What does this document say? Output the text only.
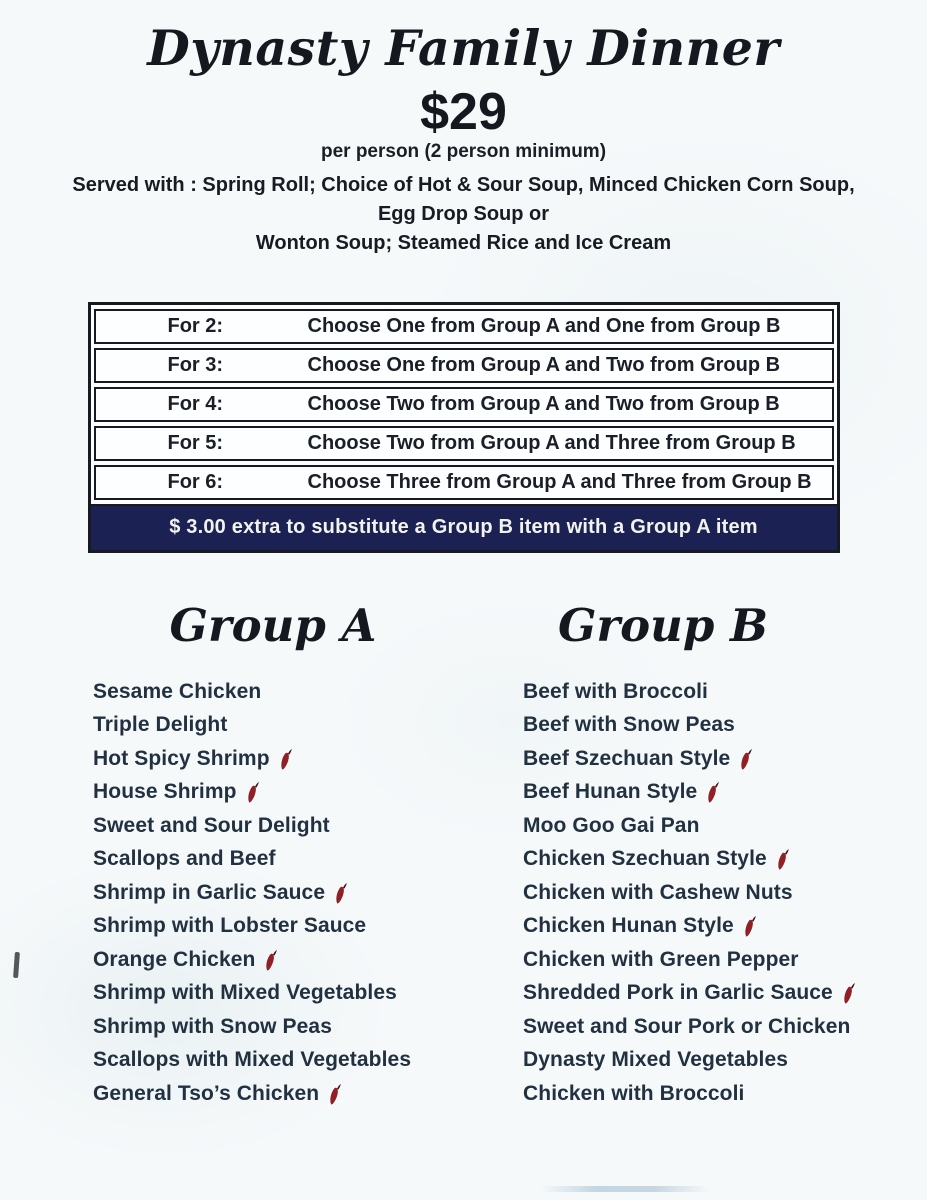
Dynasty Family Dinner
$29
per person (2 person minimum)

Served with : Spring Roll; Choice of Hot & Sour Soup, Minced Chicken Corn Soup, Egg Drop Soup or

Wonton Soup; Steamed Rice and Ice Cream

For 2:	Choose One from Group A and One from Group B
For 3:	Choose One from Group A and Two from Group B
For 4:	Choose Two from Group A and Two from Group B
For 5:	Choose Two from Group A and Three from Group B
For 6:	Choose Three from Group A and Three from Group B
$ 3.00 extra to substitute a Group B item with a Group A item
Group A
Sesame Chicken
Triple Delight
Hot Spicy Shrimp
House Shrimp
Sweet and Sour Delight
Scallops and Beef
Shrimp in Garlic Sauce
Shrimp with Lobster Sauce
Orange Chicken
Shrimp with Mixed Vegetables
Shrimp with Snow Peas
Scallops with Mixed Vegetables
General Tso’s Chicken
Group B
Beef with Broccoli
Beef with Snow Peas
Beef Szechuan Style
Beef Hunan Style
Moo Goo Gai Pan
Chicken Szechuan Style
Chicken with Cashew Nuts
Chicken Hunan Style
Chicken with Green Pepper
Shredded Pork in Garlic Sauce
Sweet and Sour Pork or Chicken
Dynasty Mixed Vegetables
Chicken with Broccoli
